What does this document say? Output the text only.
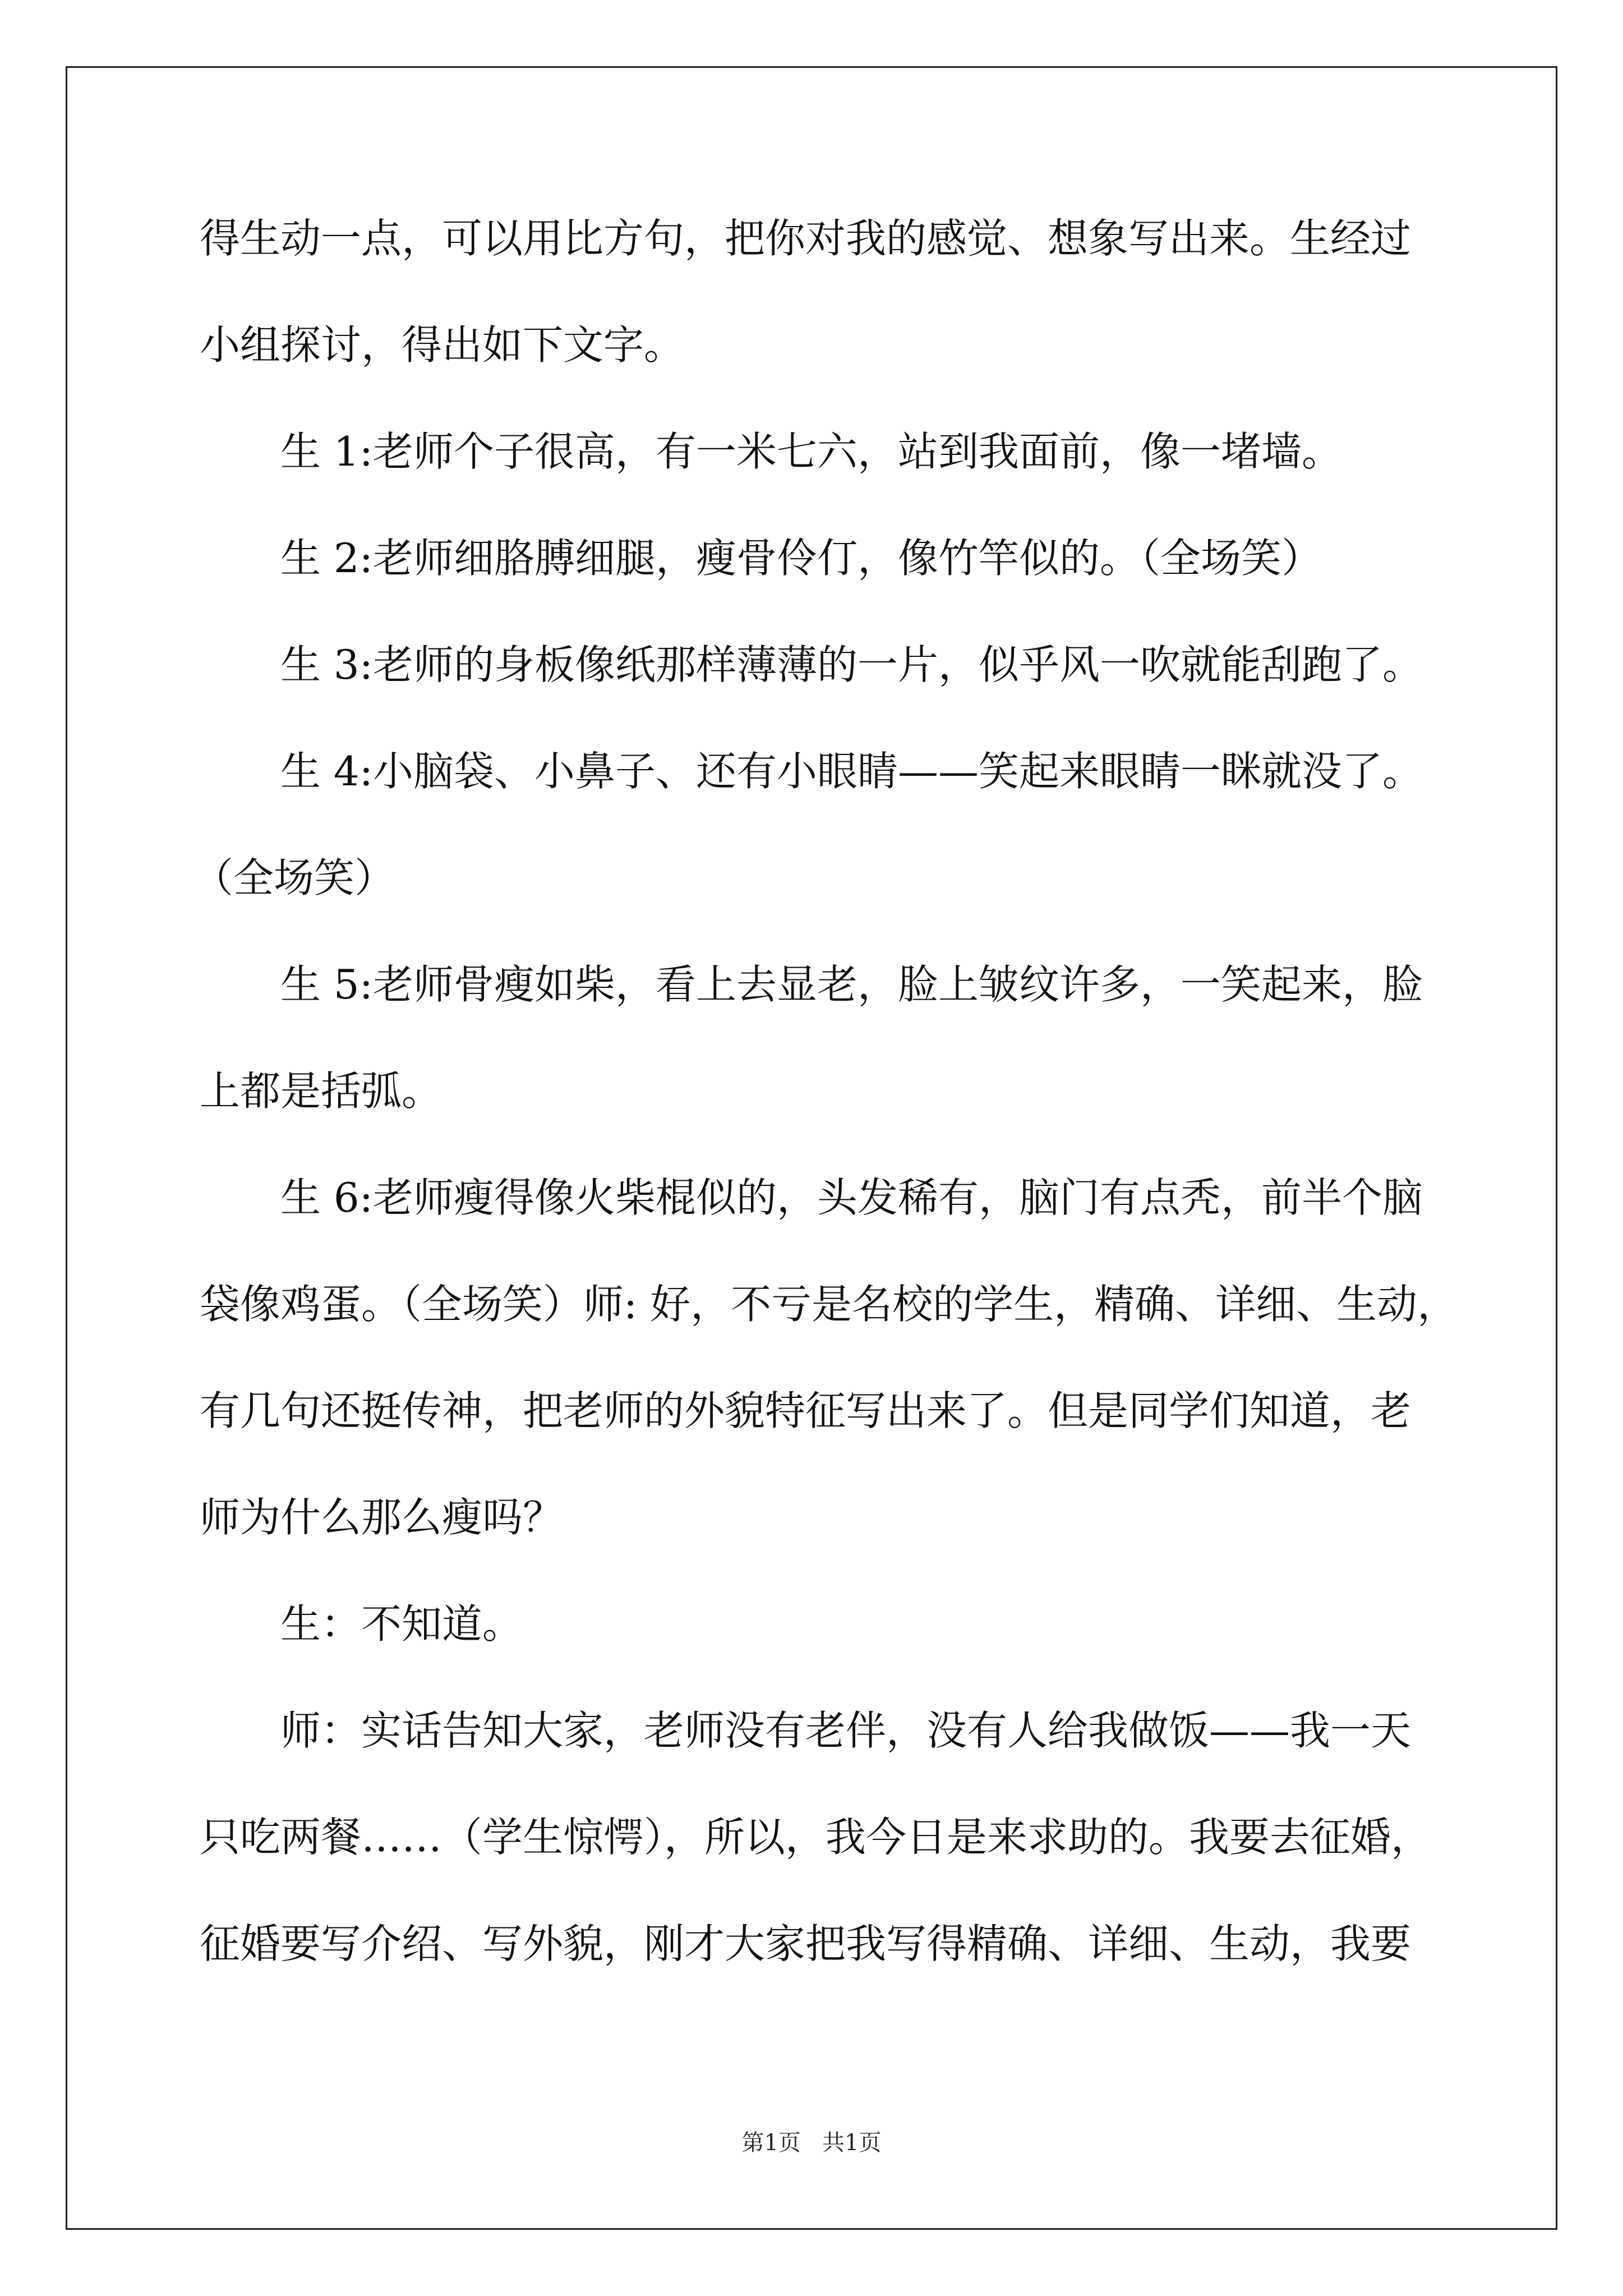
得生动一点，可以用比方句，把你对我的感觉、想象写出来。生经过
小组探讨，得出如下文字。
生 1:老师个子很高，有一米七六，站到我面前，像一堵墙。
生 2:老师细胳膊细腿，瘦骨伶仃，像竹竿似的。（全场笑）
生 3:老师的身板像纸那样薄薄的一片，似乎风一吹就能刮跑了。
生 4:小脑袋、小鼻子、还有小眼睛——笑起来眼睛一眯就没了。
（全场笑）
生 5:老师骨瘦如柴，看上去显老，脸上皱纹许多，一笑起来，脸
上都是括弧。
生 6:老师瘦得像火柴棍似的，头发稀有，脑门有点秃，前半个脑
袋像鸡蛋。（全场笑）师: 好，不亏是名校的学生，精确、详细、生动，
有几句还挺传神，把老师的外貌特征写出来了。但是同学们知道，老
师为什么那么瘦吗？
生：不知道。
师：实话告知大家，老师没有老伴，没有人给我做饭——我一天
只吃两餐……（学生惊愕），所以，我今日是来求助的。我要去征婚，
征婚要写介绍、写外貌，刚才大家把我写得精确、详细、生动，我要
第1页   共1页
